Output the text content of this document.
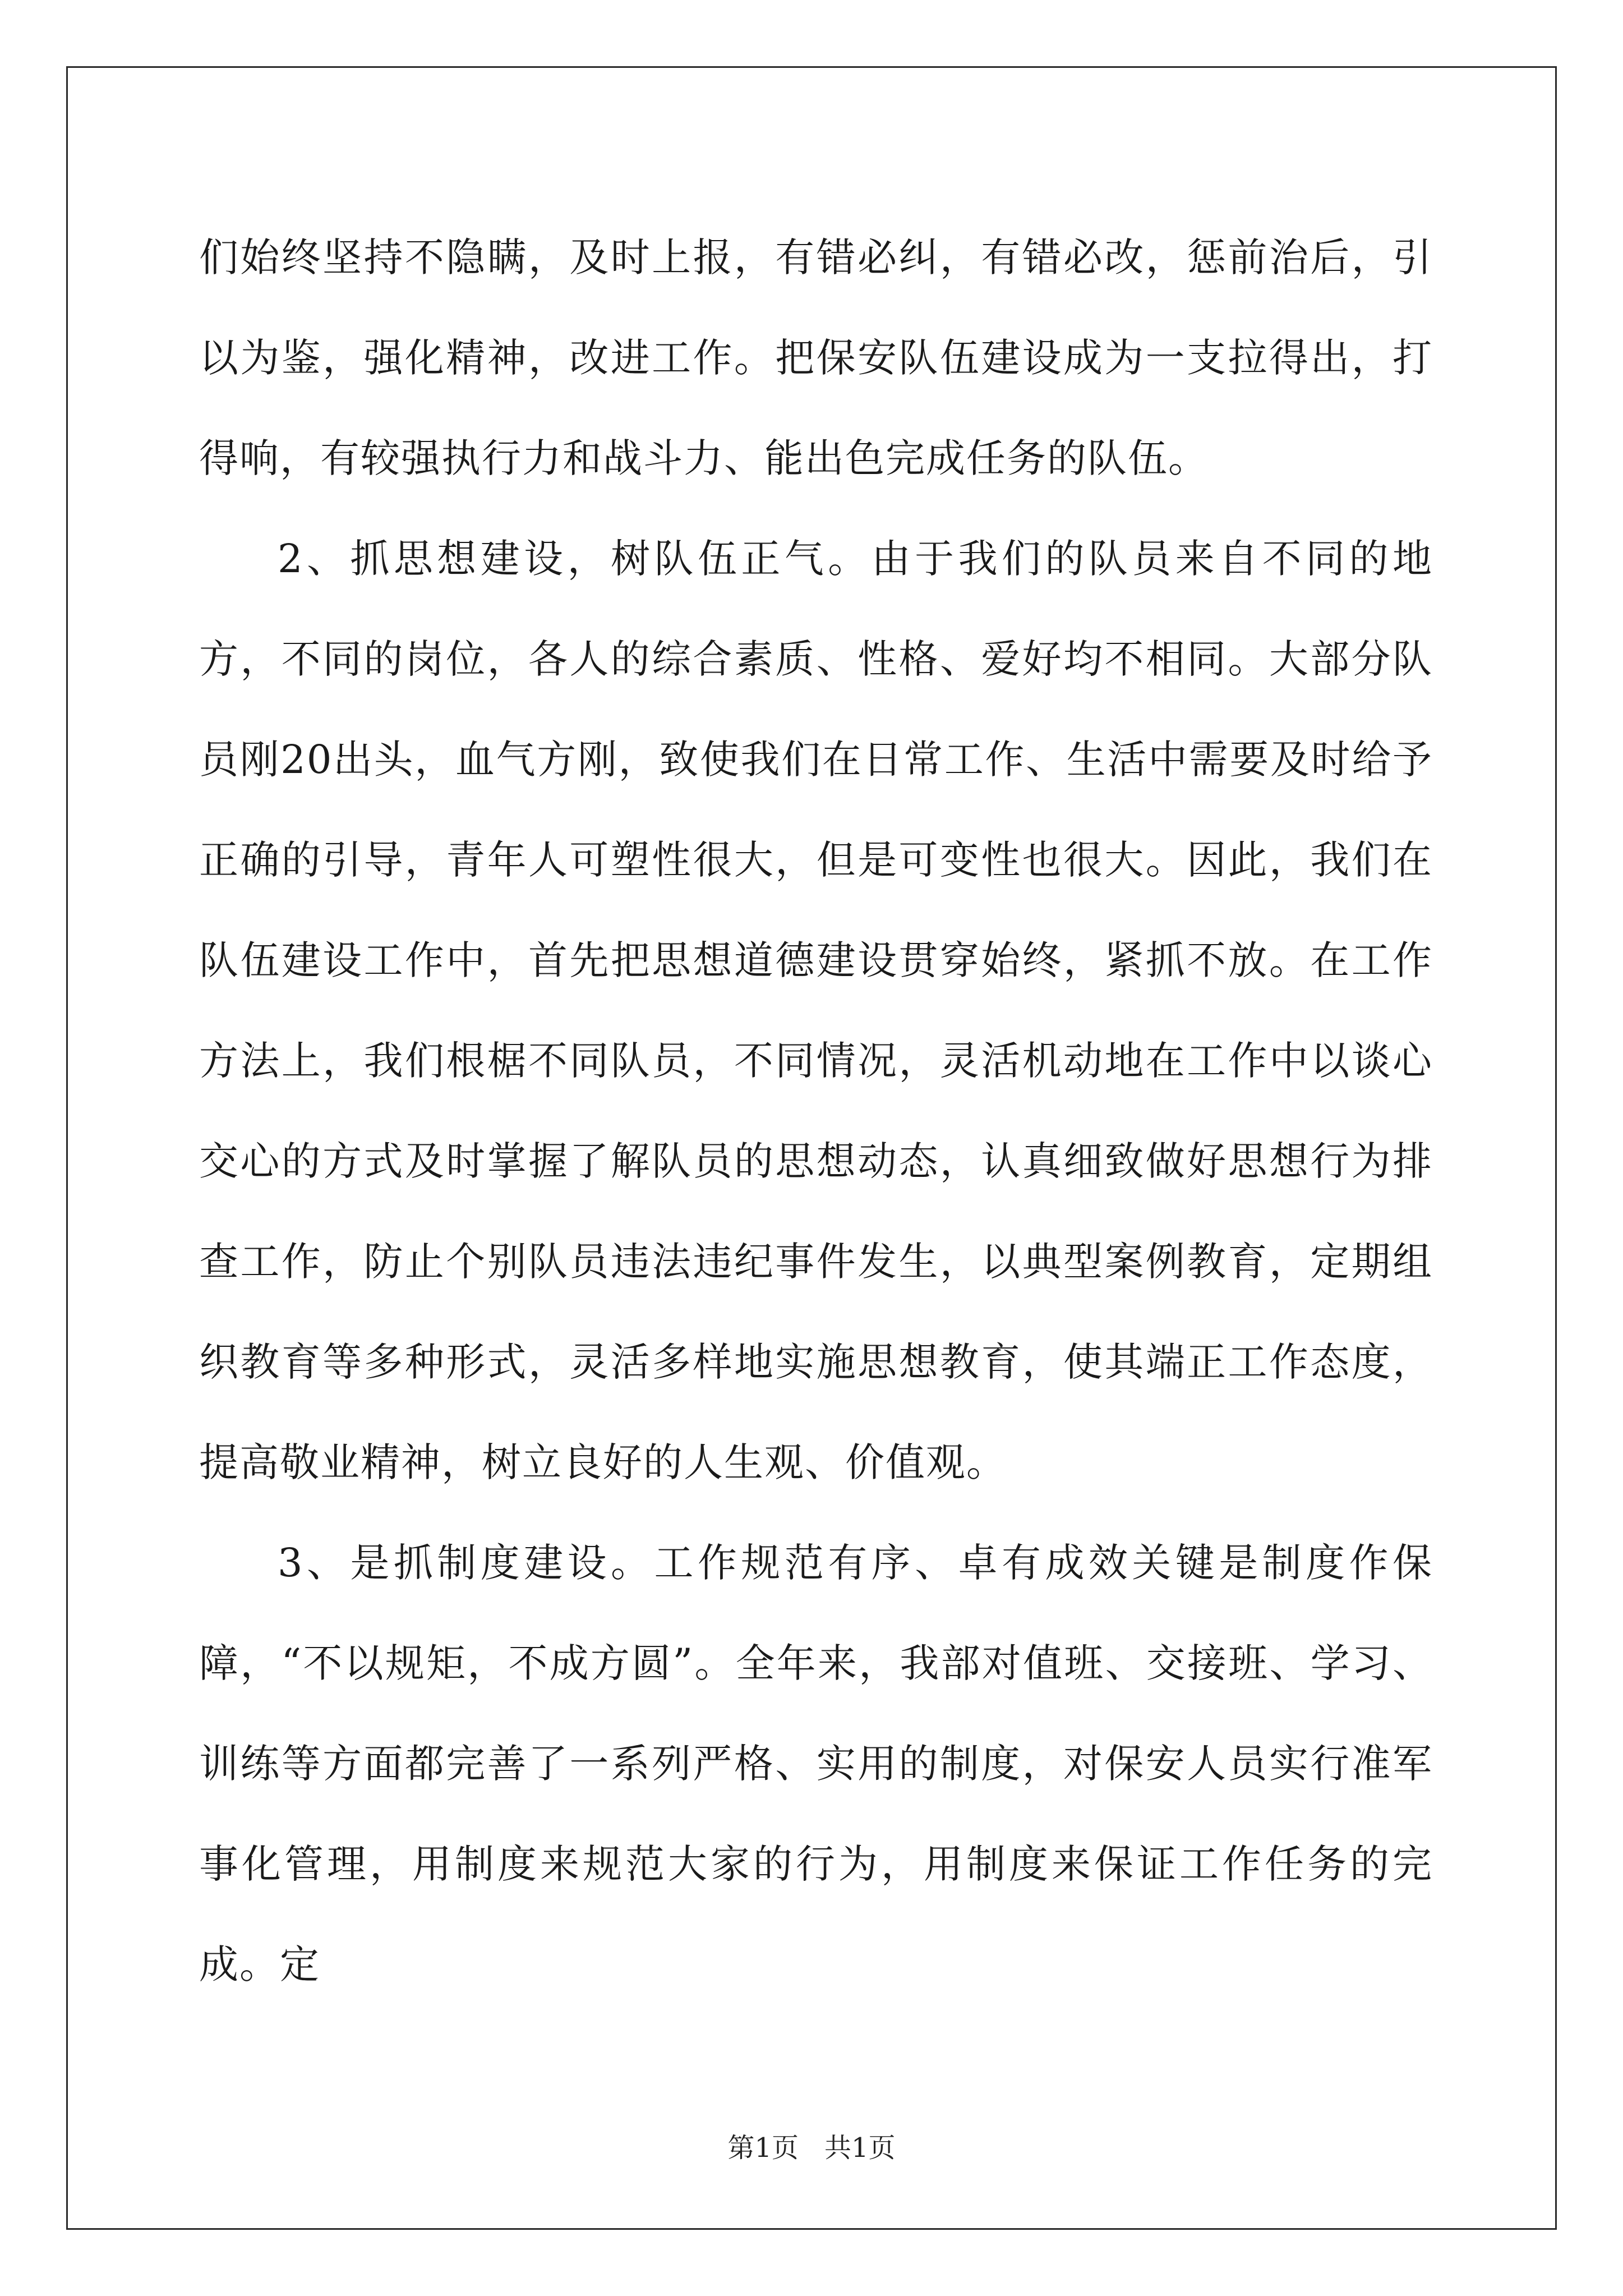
们始终坚持不隐瞒，及时上报，有错必纠，有错必改，惩前治后，引以为鉴，强化精神，改进工作。把保安队伍建设成为一支拉得出，打得响，有较强执行力和战斗力、能出色完成任务的队伍。

2、抓思想建设，树队伍正气。由于我们的队员来自不同的地方，不同的岗位，各人的综合素质、性格、爱好均不相同。大部分队员刚20出头，血气方刚，致使我们在日常工作、生活中需要及时给予正确的引导，青年人可塑性很大，但是可变性也很大。因此，我们在队伍建设工作中，首先把思想道德建设贯穿始终，紧抓不放。在工作方法上，我们根椐不同队员，不同情况，灵活机动地在工作中以谈心交心的方式及时掌握了解队员的思想动态，认真细致做好思想行为排查工作，防止个别队员违法违纪事件发生，以典型案例教育，定期组织教育等多种形式，灵活多样地实施思想教育，使其端正工作态度，提高敬业精神，树立良好的人生观、价值观。

3、是抓制度建设。工作规范有序、卓有成效关键是制度作保障，“不以规矩，不成方圆”。全年来，我部对值班、交接班、学习、训练等方面都完善了一系列严格、实用的制度，对保安人员实行准军事化管理，用制度来规范大家的行为，用制度来保证工作任务的完成。定

第1页 共1页
